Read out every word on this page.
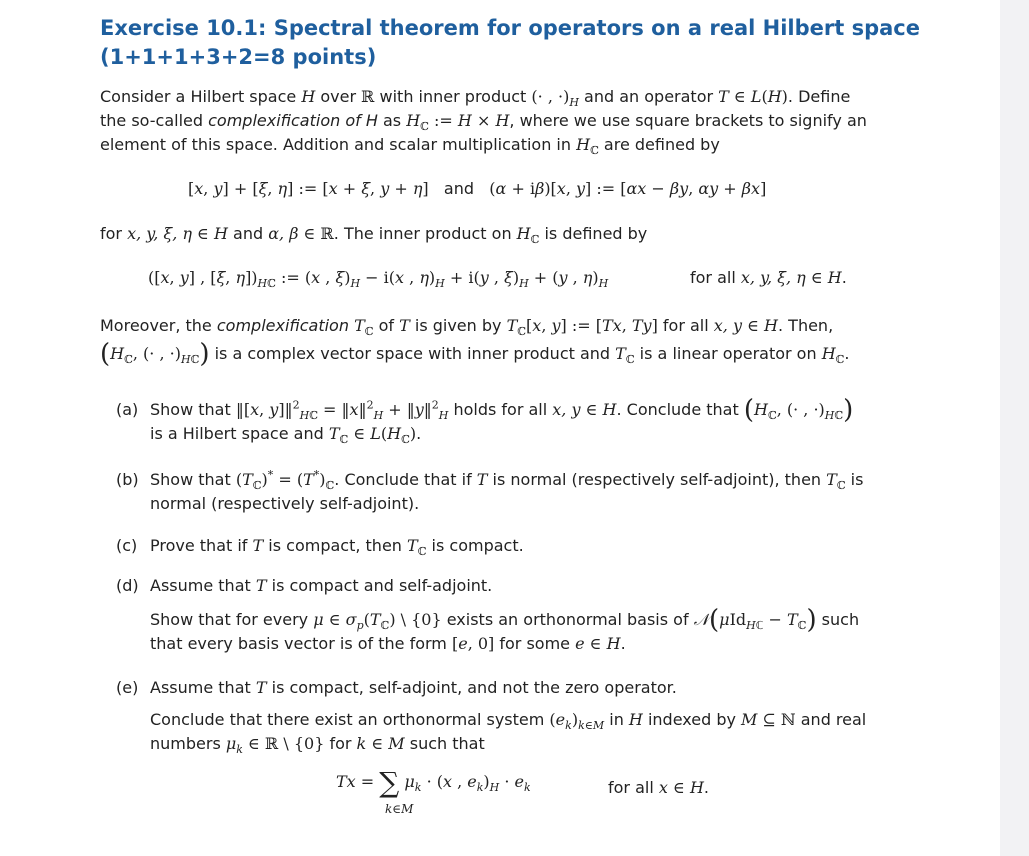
Exercise 10.1: Spectral theorem for operators on a real Hilbert space
(1+1+1+3+2=8 points)
Consider a Hilbert space H over ℝ with inner product (· , $\cdot)_H$ and an operator T ∈ L(H). Define
the so-called complexification of H as $H_ℂ$ := H × H, where we use square brackets to signify an
element of this space. Addition and scalar multiplication in $H_ℂ$ are defined by
[x, y] + [ξ, η] := [x + ξ, y + η] and (α + iβ)[x, y] := [αx − βy, αy + βx]
for x, y, ξ, η ∈ H and α, β ∈ ℝ. The inner product on $H_ℂ$ is defined by
([x, y] , [ξ, $\eta])_{Hℂ}$ := (x , $\xi)_H - i(x$ , $\eta)_H + i(y$ , $\xi)_H + (y$ , $\eta)_H$	for all x, y, ξ, η ∈ H.
Moreover, the complexification $T_ℂ$ of T is given by $T_ℂ[x$, y] := [Tx, Ty] for all x, y ∈ H. Then,
($H_ℂ$, (· , $\cdot)_{Hℂ}$) is a complex vector space with inner product and $T_ℂ$ is a linear operator on $H_ℂ$.
(a) Show that ‖[x, y]‖$^2_{Hℂ}$ = ‖x‖$^2_H$ + ‖y‖$^2_H$ holds for all x, y ∈ H. Conclude that ($H_ℂ$, (· , $\cdot)_{Hℂ}$)
is a Hilbert space and $T_ℂ$ ∈ $L(H_ℂ)$.
(b) Show that $(T_ℂ)^* = (T^*)_ℂ$. Conclude that if T is normal (respectively self-adjoint), then $T_ℂ$ is
normal (respectively self-adjoint).
(c) Prove that if T is compact, then $T_ℂ$ is compact.
(d) Assume that T is compact and self-adjoint.
Show that for every μ ∈ $\sigma_p(T_ℂ)$ \ {0} exists an orthonormal basis of 𝒩(μId$_{Hℂ}$ − $T_ℂ$) such
that every basis vector is of the form [e, 0] for some e ∈ H.
(e) Assume that T is compact, self-adjoint, and not the zero operator.
Conclude that there exist an orthonormal system $(e_k)_{k\in M}$ in H indexed by M ⊆ ℕ and real
numbers $\mu_k$ ∈ ℝ \ {0} for k ∈ M such that
Tx = ∑ $\mu_k \cdot (x$ , $e_k)_H \cdot e_k$
k∈M
for all x ∈ H.
